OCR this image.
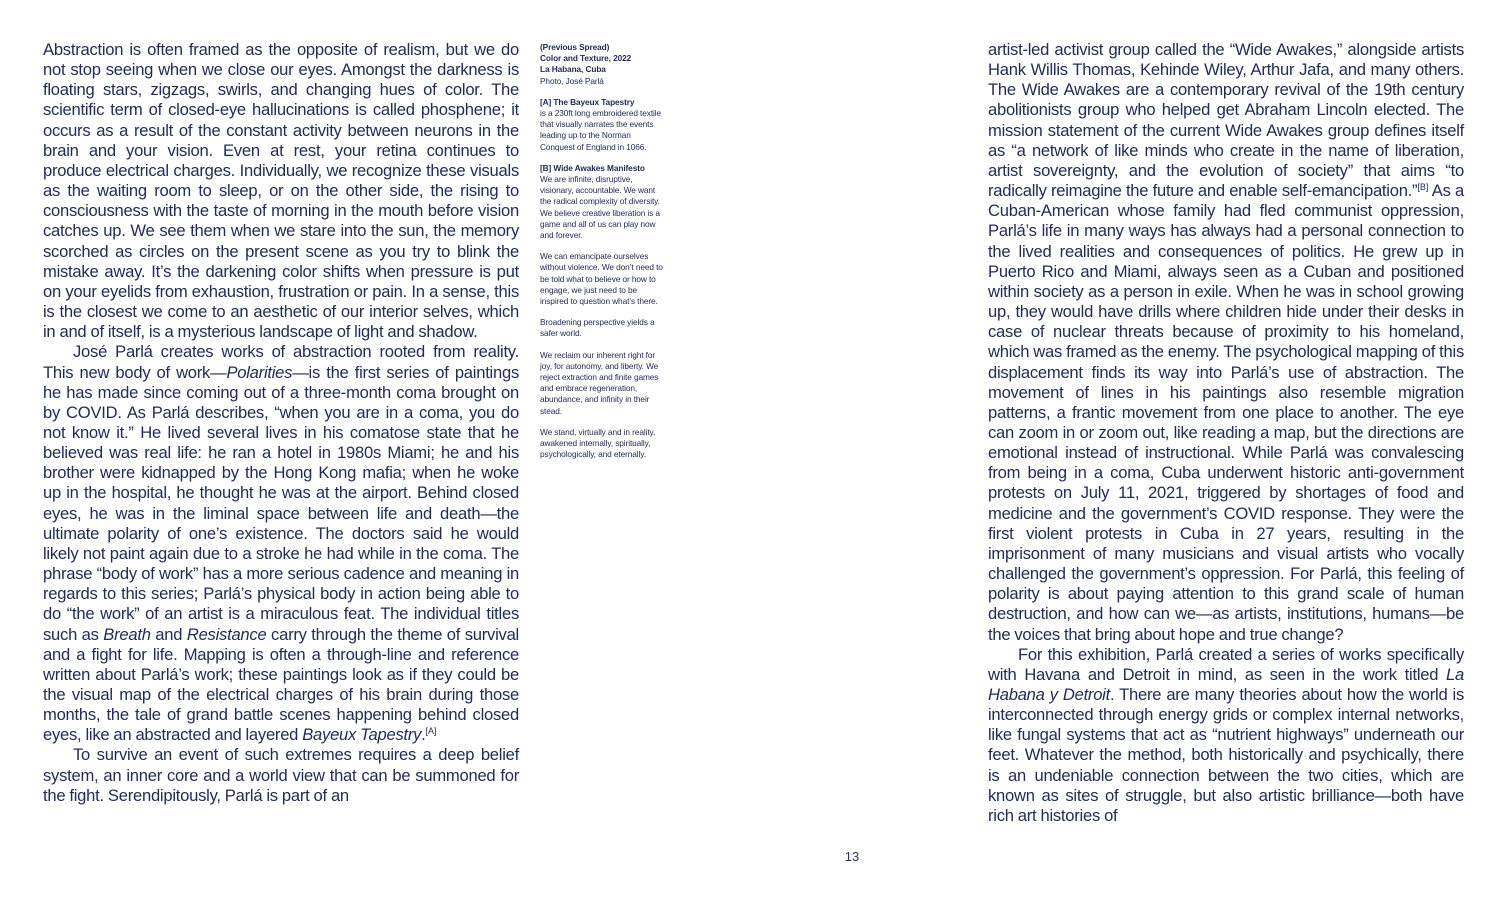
Abstraction is often framed as the opposite of realism, but we do not stop seeing when we close our eyes. Amongst the darkness is floating stars, zigzags, swirls, and changing hues of color. The scientific term of closed-eye hallucinations is called phosphene; it occurs as a result of the constant activity between neurons in the brain and your vision. Even at rest, your retina continues to produce electrical charges. Individually, we recognize these visuals as the waiting room to sleep, or on the other side, the rising to consciousness with the taste of morning in the mouth before vision catches up. We see them when we stare into the sun, the memory scorched as circles on the present scene as you try to blink the mistake away. It’s the darkening color shifts when pressure is put on your eyelids from exhaustion, frustration or pain. In a sense, this is the closest we come to an aesthetic of our interior selves, which in and of itself, is a mysterious landscape of light and shadow.

José Parlá creates works of abstraction rooted from reality. This new body of work—Polarities—is the first series of paintings he has made since coming out of a three-month coma brought on by COVID. As Parlá describes, “when you are in a coma, you do not know it.” He lived several lives in his comatose state that he believed was real life: he ran a hotel in 1980s Miami; he and his brother were kidnapped by the Hong Kong mafia; when he woke up in the hospital, he thought he was at the airport. Behind closed eyes, he was in the liminal space between life and death—the ultimate polarity of one’s existence. The doctors said he would likely not paint again due to a stroke he had while in the coma. The phrase “body of work” has a more serious cadence and meaning in regards to this series; Parlá’s physical body in action being able to do “the work” of an artist is a miraculous feat. The individual titles such as Breath and Resistance carry through the theme of survival and a fight for life. Mapping is often a through-line and reference written about Parlá’s work; these paintings look as if they could be the visual map of the electrical charges of his brain during those months, the tale of grand battle scenes happening behind closed eyes, like an abstracted and layered Bayeux Tapestry.[A]

To survive an event of such extremes requires a deep belief system, an inner core and a world view that can be summoned for the fight. Serendipitously, Parlá is part of an

(Previous Spread)
Color and Texture, 2022
La Habana, Cuba

Photo, José Parlá

[A] The Bayeux Tapestry

is a 230ft long embroidered textile that visually narrates the events leading up to the Norman Conquest of England in 1066.

[B] Wide Awakes Manifesto

We are infinite, disruptive, visionary, accountable. We want the radical complexity of diversity. We believe creative liberation is a game and all of us can play now and forever.

We can emancipate ourselves without violence. We don’t need to be told what to believe or how to engage, we just need to be inspired to question what’s there.

Broadening perspective yields a safer world.

We reclaim our inherent right for joy, for autonomy, and liberty. We reject extraction and finite games and embrace regeneration, abundance, and infinity in their stead.

We stand, virtually and in reality, awakened internally, spiritually, psychologically, and eternally.

13

artist-led activist group called the “Wide Awakes,” alongside artists Hank Willis Thomas, Kehinde Wiley, Arthur Jafa, and many others. The Wide Awakes are a contemporary revival of the 19th century abolitionists group who helped get Abraham Lincoln elected. The mission statement of the current Wide Awakes group defines itself as “a network of like minds who create in the name of liberation, artist sovereignty, and the evolution of society” that aims “to radically reimagine the future and enable self-emancipation.”[B] As a Cuban-American whose family had fled communist oppression, Parlá’s life in many ways has always had a personal connection to the lived realities and consequences of politics. He grew up in Puerto Rico and Miami, always seen as a Cuban and positioned within society as a person in exile. When he was in school growing up, they would have drills where children hide under their desks in case of nuclear threats because of proximity to his homeland, which was framed as the enemy. The psychological mapping of this displacement finds its way into Parlá’s use of abstraction. The movement of lines in his paintings also resemble migration patterns, a frantic movement from one place to another. The eye can zoom in or zoom out, like reading a map, but the directions are emotional instead of instructional. While Parlá was convalescing from being in a coma, Cuba underwent historic anti-government protests on July 11, 2021, triggered by shortages of food and medicine and the government’s COVID response. They were the first violent protests in Cuba in 27 years, resulting in the imprisonment of many musicians and visual artists who vocally challenged the government’s oppression. For Parlá, this feeling of polarity is about paying attention to this grand scale of human destruction, and how can we—as artists, institutions, humans—be the voices that bring about hope and true change?

For this exhibition, Parlá created a series of works specifically with Havana and Detroit in mind, as seen in the work titled La Habana y Detroit. There are many theories about how the world is interconnected through energy grids or complex internal networks, like fungal systems that act as “nutrient highways” underneath our feet. Whatever the method, both historically and psychically, there is an undeniable connection between the two cities, which are known as sites of struggle, but also artistic brilliance—both have rich art histories of
